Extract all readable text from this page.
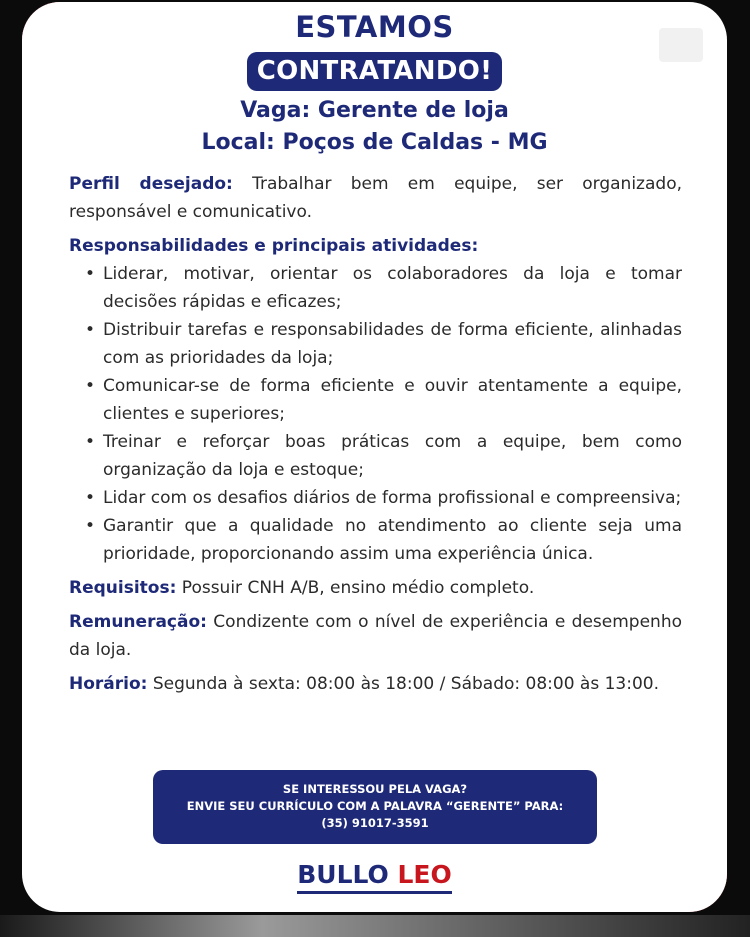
ESTAMOS
CONTRATANDO!
Vaga: Gerente de loja
Local: Poços de Caldas - MG

Perfil desejado: Trabalhar bem em equipe, ser organizado, responsável e comunicativo.

Responsabilidades e principais atividades:

• Liderar, motivar, orientar os colaboradores da loja e tomar decisões rápidas e eficazes;
• Distribuir tarefas e responsabilidades de forma eficiente, alinhadas com as prioridades da loja;
• Comunicar-se de forma eficiente e ouvir atentamente a equipe, clientes e superiores;
• Treinar e reforçar boas práticas com a equipe, bem como organização da loja e estoque;
• Lidar com os desafios diários de forma profissional e compreensiva;
• Garantir que a qualidade no atendimento ao cliente seja uma prioridade, proporcionando assim uma experiência única.

Requisitos: Possuir CNH A/B, ensino médio completo.

Remuneração: Condizente com o nível de experiência e desempenho da loja.

Horário: Segunda à sexta: 08:00 às 18:00 / Sábado: 08:00 às 13:00.

SE INTERESSOU PELA VAGA?
ENVIE SEU CURRÍCULO COM A PALAVRA “GERENTE” PARA:
(35) 91017-3591
BULLO LEO
